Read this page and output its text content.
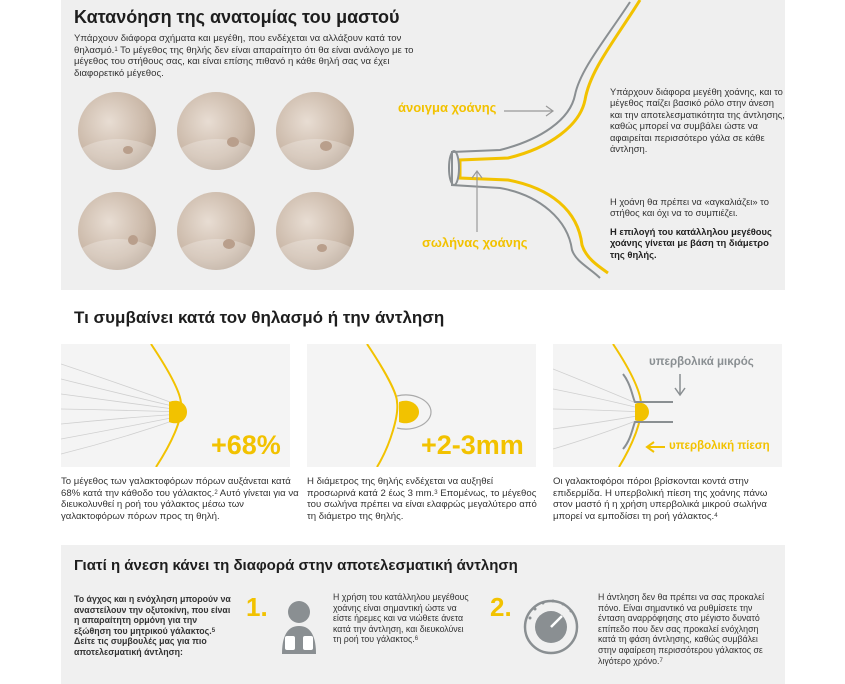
Κατανόηση της ανατομίας του μαστού
Υπάρχουν διάφορα σχήματα και μεγέθη, που ενδέχεται να αλλάξουν κατά τον θηλασμό.$^1$ Το μέγεθος της θηλής δεν είναι απαραίτητο ότι θα είναι ανάλογο με το μέγεθος του στήθους σας, και είναι επίσης πιθανό η κάθε θηλή σας να έχει διαφορετικό μέγεθος.
άνοιγμα χοάνης
σωλήνας χοάνης
Υπάρχουν διάφορα μεγέθη χοάνης, και το μέγεθος παίζει βασικό ρόλο στην άνεση και την αποτελεσματικότητα της άντλησης, καθώς μπορεί να συμβάλει ώστε να αφαιρείται περισσότερο γάλα σε κάθε άντληση.
Η χοάνη θα πρέπει να «αγκαλιάζει» το στήθος και όχι να το συμπιέζει.
Η επιλογή του κατάλληλου μεγέθους χοάνης γίνεται με βάση τη διάμετρο της θηλής.
Τι συμβαίνει κατά τον θηλασμό ή την άντληση
+68%	+2-3mm
υπερβολικά μικρός
υπερβολική πίεση
Το μέγεθος των γαλακτοφόρων πόρων αυξάνεται κατά 68% κατά την κάθοδο του γάλακτος.$^2$ Αυτό γίνεται για να διευκολυνθεί η ροή του γάλακτος μέσω των γαλακτοφόρων πόρων προς τη θηλή.
Η διάμετρος της θηλής ενδέχεται να αυξηθεί προσωρινά κατά 2 έως 3 mm.$^3$ Επομένως, το μέγεθος του σωλήνα πρέπει να είναι ελαφρώς μεγαλύτερο από τη διάμετρο της θηλής.
Οι γαλακτοφόροι πόροι βρίσκονται κοντά στην επιδερμίδα. Η υπερβολική πίεση της χοάνης πάνω στον μαστό ή η χρήση υπερβολικά μικρού σωλήνα μπορεί να εμποδίσει τη ροή γάλακτος.$^4$
Γιατί η άνεση κάνει τη διαφορά στην αποτελεσματική άντληση
Το άγχος και η ενόχληση μπορούν να αναστείλουν την οξυτοκίνη, που είναι η απαραίτητη ορμόνη για την εξώθηση του μητρικού γάλακτος.$^5$ Δείτε τις συμβουλές μας για πιο αποτελεσματική άντληση:
1.	Η χρήση του κατάλληλου μεγέθους χοάνης είναι σημαντική ώστε να είστε ήρεμες και να νιώθετε άνετα κατά την άντληση, και διευκολύνει τη ροή του γάλακτος.$^6$
2.	Η άντληση δεν θα πρέπει να σας προκαλεί πόνο. Είναι σημαντικό να ρυθμίσετε την ένταση αναρρόφησης στο μέγιστο δυνατό επίπεδο που δεν σας προκαλεί ενόχληση κατά τη φάση άντλησης, καθώς συμβάλει στην αφαίρεση περισσότερου γάλακτος σε λιγότερο χρόνο.$^7$
